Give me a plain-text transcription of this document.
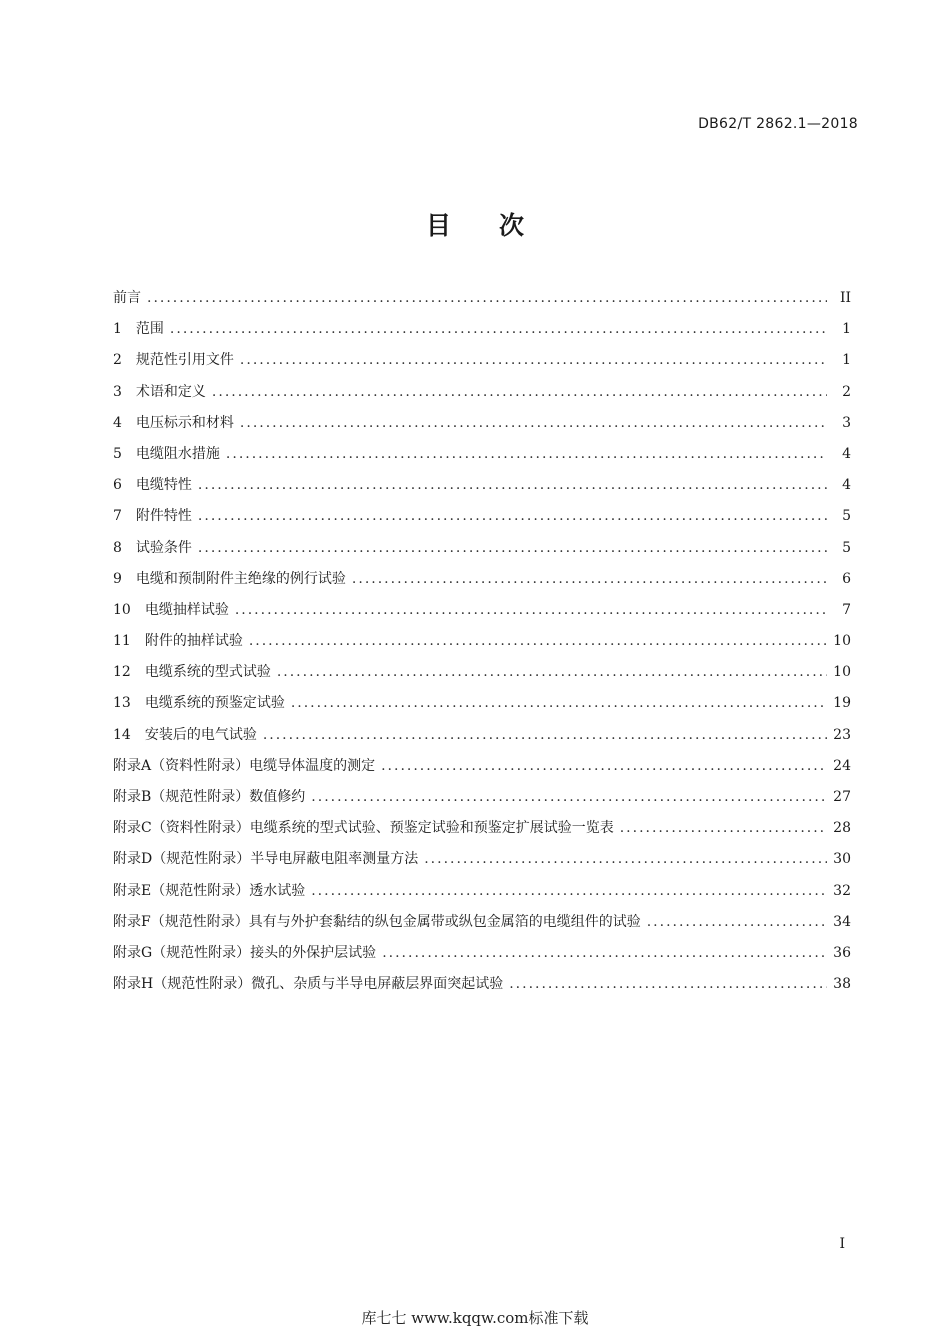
DB62/T 2862.1—2018
目次
前言 .....	II
1 范围 .....	1
2 规范性引用文件 .....	1
3 术语和定义 .....	2
4 电压标示和材料 .....	3
5 电缆阻水措施 .....	4
6 电缆特性 .....	4
7 附件特性 .....	5
8 试验条件 .....	5
9 电缆和预制附件主绝缘的例行试验 .....	6
10 电缆抽样试验 .....	7
11 附件的抽样试验 .....	10
12 电缆系统的型式试验 .....	10
13 电缆系统的预鉴定试验 .....	19
14 安装后的电气试验 .....	23
附录A（资料性附录）电缆导体温度的测定 .....	24
附录B（规范性附录）数值修约 .....	27
附录C（资料性附录）电缆系统的型式试验、预鉴定试验和预鉴定扩展试验一览表 .....	28
附录D（规范性附录）半导电屏蔽电阻率测量方法 .....	30
附录E（规范性附录）透水试验 .....	32
附录F（规范性附录）具有与外护套黏结的纵包金属带或纵包金属箔的电缆组件的试验 .....	34
附录G（规范性附录）接头的外保护层试验 .....	36
附录H（规范性附录）微孔、杂质与半导电屏蔽层界面突起试验 .....	38
I
库七七 www.kqqw.com标准下载
